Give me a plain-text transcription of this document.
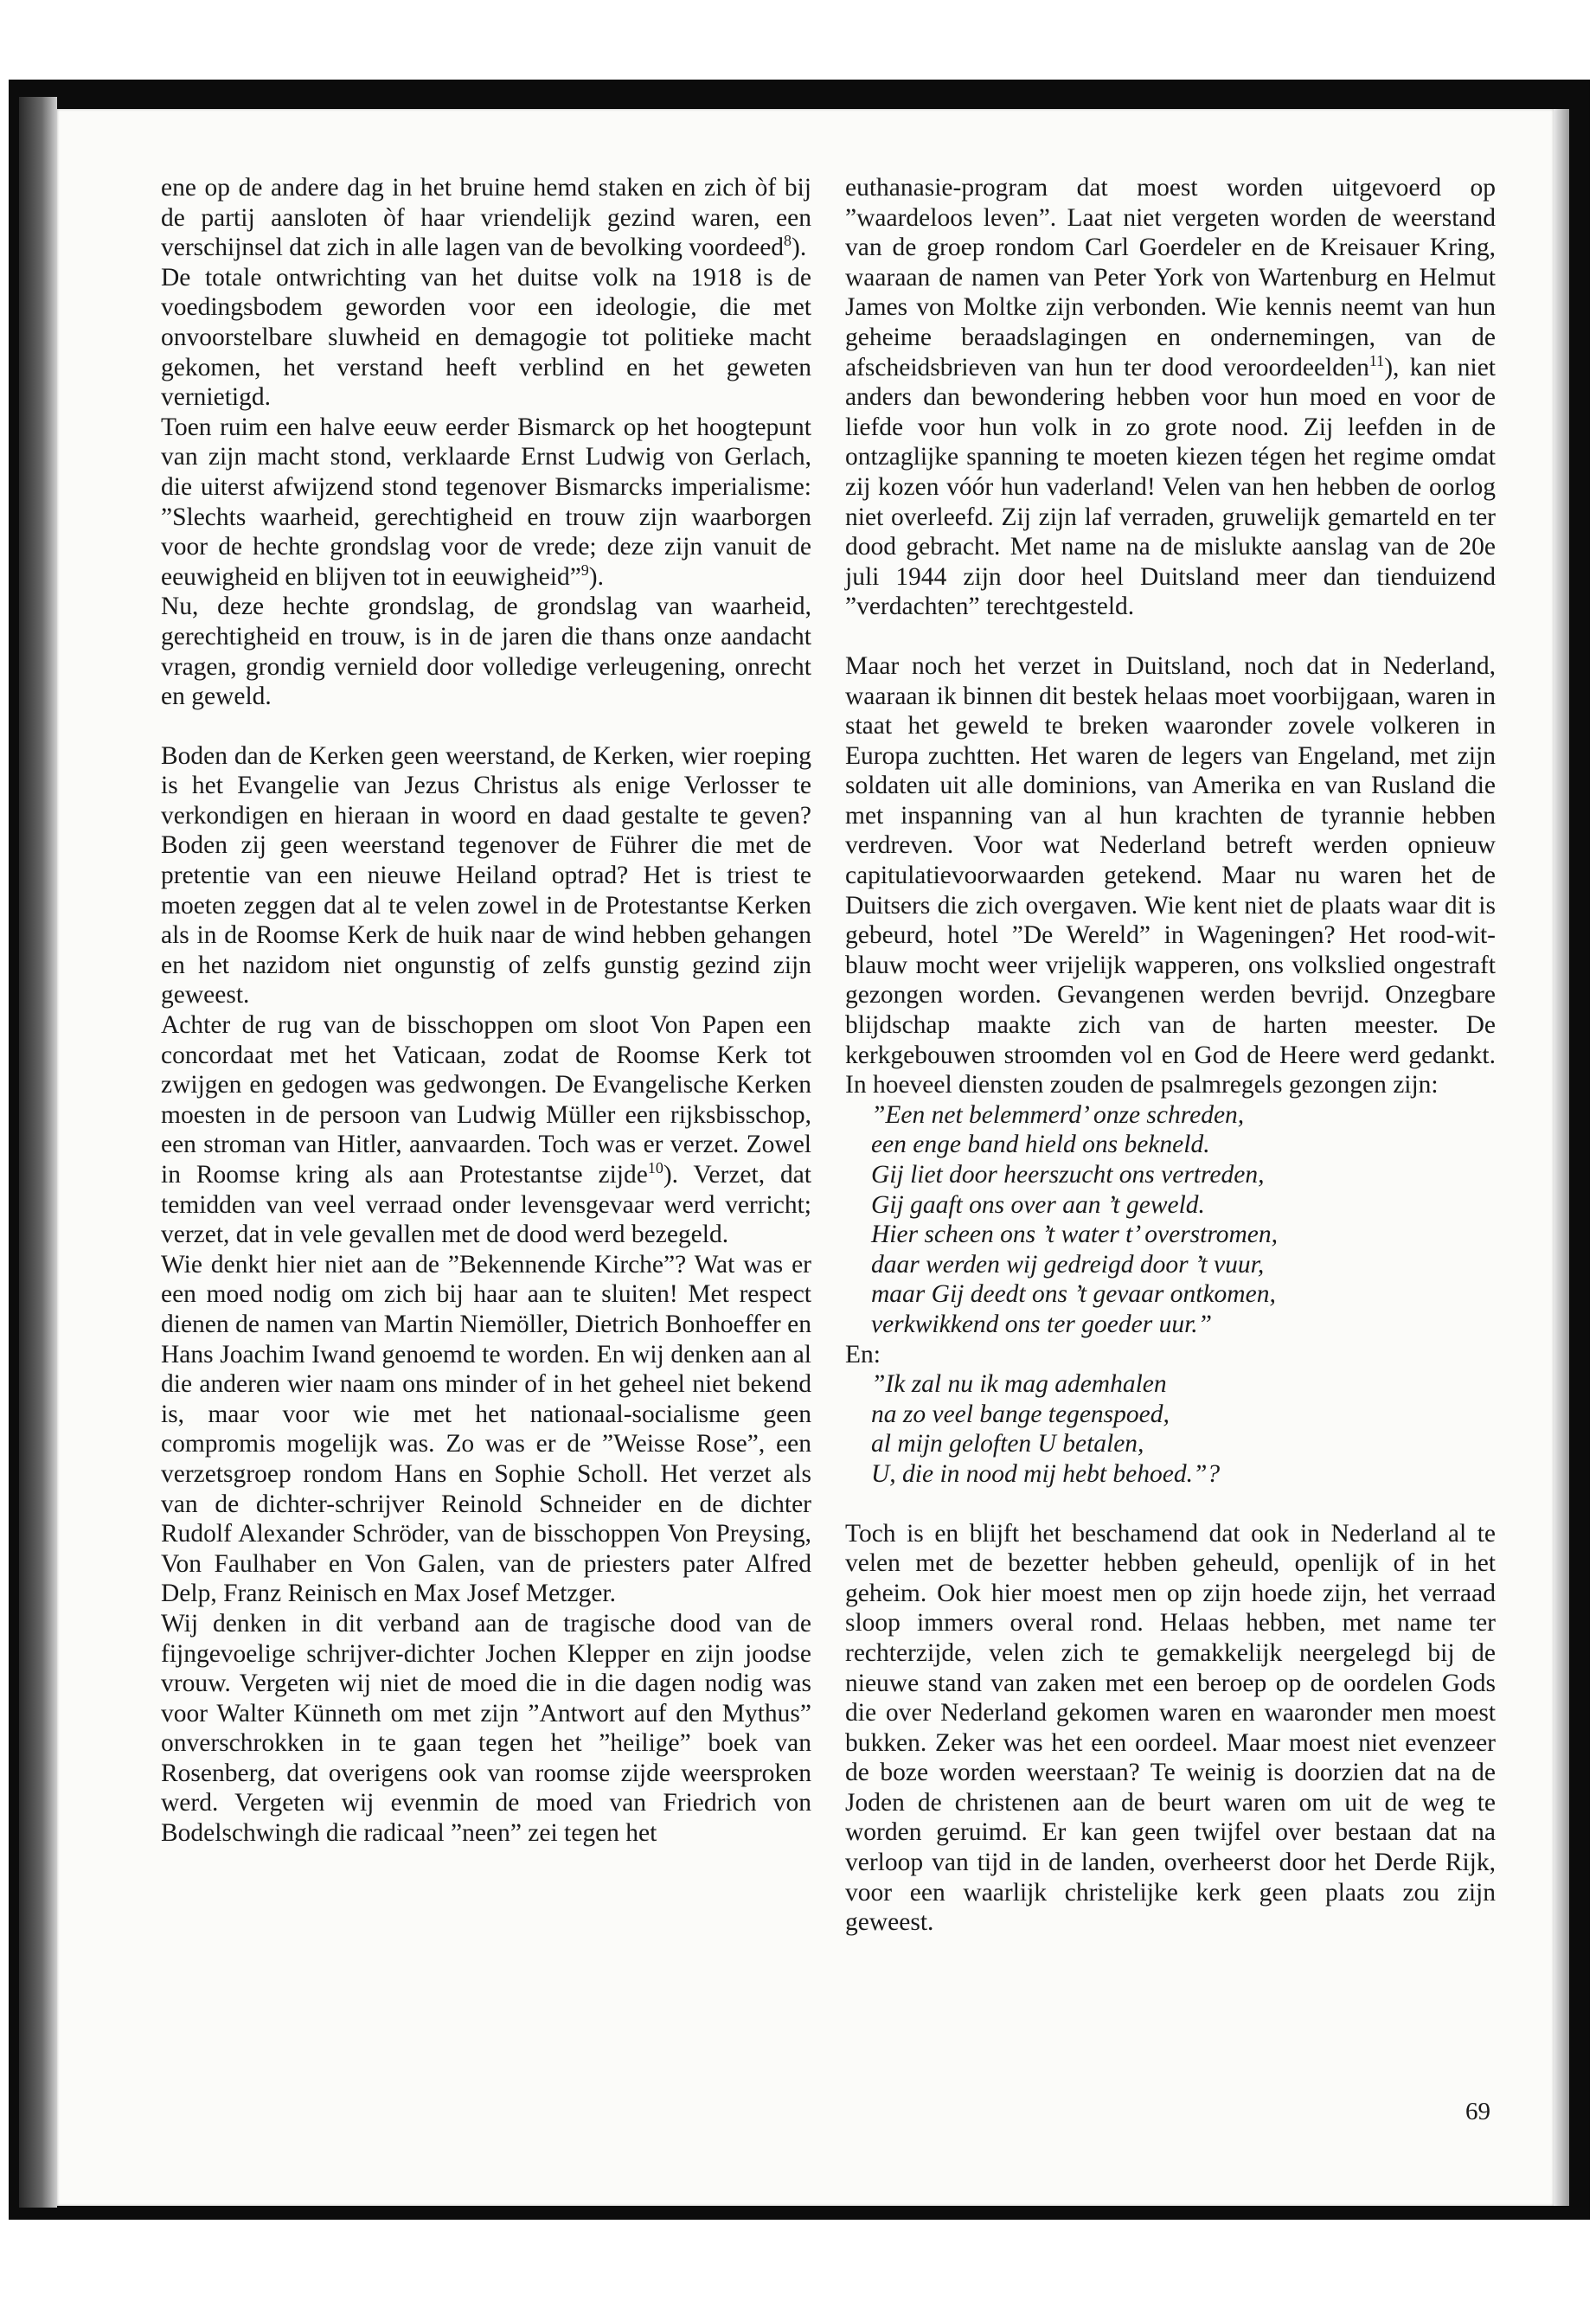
ene op de andere dag in het bruine hemd staken en zich òf bij de partij aansloten òf haar vriendelijk gezind waren, een verschijnsel dat zich in alle lagen van de bevolking voordeed$^8$).

De totale ontwrichting van het duitse volk na 1918 is de voedingsbodem geworden voor een ideologie, die met onvoorstelbare sluwheid en demagogie tot politieke macht gekomen, het verstand heeft verblind en het geweten vernietigd.

Toen ruim een halve eeuw eerder Bismarck op het hoogtepunt van zijn macht stond, verklaarde Ernst Ludwig von Gerlach, die uiterst afwijzend stond tegenover Bismarcks imperialisme: ”Slechts waarheid, gerechtigheid en trouw zijn waarborgen voor de hechte grondslag voor de vrede; deze zijn vanuit de eeuwigheid en blijven tot in eeuwigheid”$^9$).

Nu, deze hechte grondslag, de grondslag van waarheid, gerechtigheid en trouw, is in de jaren die thans onze aandacht vragen, grondig vernield door volledige verleugening, onrecht en geweld.

Boden dan de Kerken geen weerstand, de Kerken, wier roeping is het Evangelie van Jezus Christus als enige Verlosser te verkondigen en hieraan in woord en daad gestalte te geven? Boden zij geen weerstand tegenover de Führer die met de pretentie van een nieuwe Heiland optrad? Het is triest te moeten zeggen dat al te velen zowel in de Protestantse Kerken als in de Roomse Kerk de huik naar de wind hebben gehangen en het nazidom niet ongunstig of zelfs gunstig gezind zijn geweest.

Achter de rug van de bisschoppen om sloot Von Papen een concordaat met het Vaticaan, zodat de Roomse Kerk tot zwijgen en gedogen was gedwongen. De Evangelische Kerken moesten in de persoon van Ludwig Müller een rijksbisschop, een stroman van Hitler, aanvaarden. Toch was er verzet. Zowel in Roomse kring als aan Protestantse zijde$^{10}$). Verzet, dat temidden van veel verraad onder levensgevaar werd verricht; verzet, dat in vele gevallen met de dood werd bezegeld.

Wie denkt hier niet aan de ”Bekennende Kirche”? Wat was er een moed nodig om zich bij haar aan te sluiten! Met respect dienen de namen van Martin Niemöller, Dietrich Bonhoeffer en Hans Joachim Iwand genoemd te worden. En wij denken aan al die anderen wier naam ons minder of in het geheel niet bekend is, maar voor wie met het nationaal-socialisme geen compromis mogelijk was. Zo was er de ”Weisse Rose”, een verzetsgroep rondom Hans en Sophie Scholl. Het verzet als van de dichter-schrijver Reinold Schneider en de dichter Rudolf Alexander Schröder, van de bisschoppen Von Preysing, Von Faulhaber en Von Galen, van de priesters pater Alfred Delp, Franz Reinisch en Max Josef Metzger.

Wij denken in dit verband aan de tragische dood van de fijngevoelige schrijver-dichter Jochen Klepper en zijn joodse vrouw. Vergeten wij niet de moed die in die dagen nodig was voor Walter Künneth om met zijn ”Antwort auf den Mythus” onverschrokken in te gaan tegen het ”heilige” boek van Rosenberg, dat overigens ook van roomse zijde weersproken werd. Vergeten wij evenmin de moed van Friedrich von Bodelschwingh die radicaal ”neen” zei tegen het

euthanasie-program dat moest worden uitgevoerd op ”waardeloos leven”. Laat niet vergeten worden de weerstand van de groep rondom Carl Goerdeler en de Kreisauer Kring, waaraan de namen van Peter York von Wartenburg en Helmut James von Moltke zijn verbonden. Wie kennis neemt van hun geheime beraadslagingen en ondernemingen, van de afscheidsbrieven van hun ter dood veroordeelden$^{11}$), kan niet anders dan bewondering hebben voor hun moed en voor de liefde voor hun volk in zo grote nood. Zij leefden in de ontzaglijke spanning te moeten kiezen tégen het regime omdat zij kozen vóór hun vaderland! Velen van hen hebben de oorlog niet overleefd. Zij zijn laf verraden, gruwelijk gemarteld en ter dood gebracht. Met name na de mislukte aanslag van de 20e juli 1944 zijn door heel Duitsland meer dan tienduizend ”verdachten” terechtgesteld.

Maar noch het verzet in Duitsland, noch dat in Nederland, waaraan ik binnen dit bestek helaas moet voorbijgaan, waren in staat het geweld te breken waaronder zovele volkeren in Europa zuchtten. Het waren de legers van Engeland, met zijn soldaten uit alle dominions, van Amerika en van Rusland die met inspanning van al hun krachten de tyrannie hebben verdreven. Voor wat Nederland betreft werden opnieuw capitulatievoorwaarden getekend. Maar nu waren het de Duitsers die zich overgaven. Wie kent niet de plaats waar dit is gebeurd, hotel ”De Wereld” in Wageningen? Het rood-wit-blauw mocht weer vrijelijk wapperen, ons volkslied ongestraft gezongen worden. Gevangenen werden bevrijd. Onzegbare blijdschap maakte zich van de harten meester. De kerkgebouwen stroomden vol en God de Heere werd gedankt. In hoeveel diensten zouden de psalmregels gezongen zijn:

”Een net belemmerd’ onze schreden,
een enge band hield ons bekneld.
Gij liet door heerszucht ons vertreden,
Gij gaaft ons over aan ’t geweld.
Hier scheen ons ’t water t’ overstromen,
daar werden wij gedreigd door ’t vuur,
maar Gij deedt ons ’t gevaar ontkomen,
verkwikkend ons ter goeder uur.”

En:

”Ik zal nu ik mag ademhalen
na zo veel bange tegenspoed,
al mijn geloften U betalen,
U, die in nood mij hebt behoed.”?

Toch is en blijft het beschamend dat ook in Nederland al te velen met de bezetter hebben geheuld, openlijk of in het geheim. Ook hier moest men op zijn hoede zijn, het verraad sloop immers overal rond. Helaas hebben, met name ter rechterzijde, velen zich te gemakkelijk neergelegd bij de nieuwe stand van zaken met een beroep op de oordelen Gods die over Nederland gekomen waren en waaronder men moest bukken. Zeker was het een oordeel. Maar moest niet evenzeer de boze worden weerstaan? Te weinig is doorzien dat na de Joden de christenen aan de beurt waren om uit de weg te worden geruimd. Er kan geen twijfel over bestaan dat na verloop van tijd in de landen, overheerst door het Derde Rijk, voor een waarlijk christelijke kerk geen plaats zou zijn geweest.

69
